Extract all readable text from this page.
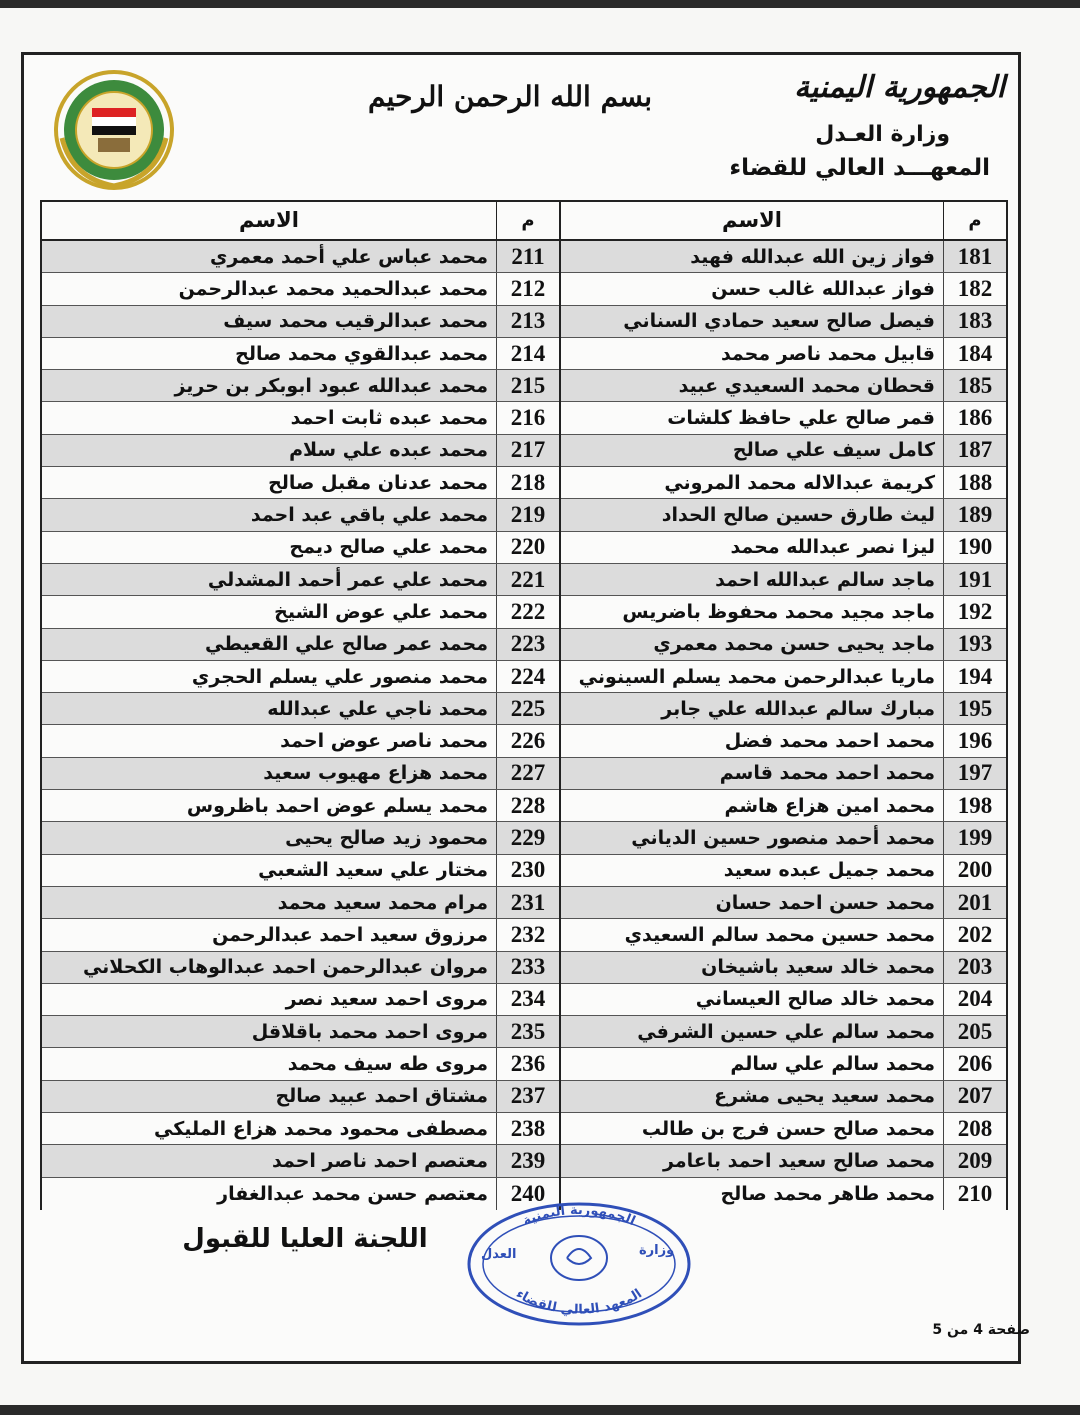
بسم الله الرحمن الرحيم	الجمهورية اليمنية
وزارة العـدل
المعهـــد العالي للقضاء
م
الاسم
181
فواز زين الله عبدالله فهيد
182
فواز عبدالله غالب حسن
183
فيصل صالح سعيد حمادي السناني
184
قابيل محمد ناصر محمد
185
قحطان محمد السعيدي عبيد
186
قمر صالح علي حافظ كلشات
187
كامل سيف علي صالح
188
كريمة عبدالاله محمد المروني
189
ليث طارق حسين صالح الحداد
190
ليزا نصر عبدالله محمد
191
ماجد سالم عبدالله احمد
192
ماجد مجيد محمد محفوظ باضريس
193
ماجد يحيى حسن محمد معمري
194
ماريا عبدالرحمن محمد يسلم السينوني
195
مبارك سالم عبدالله علي جابر
196
محمد احمد محمد فضل
197
محمد احمد محمد قاسم
198
محمد امين هزاع هاشم
199
محمد أحمد منصور حسين الدياني
200
محمد جميل عبده سعيد
201
محمد حسن احمد حسان
202
محمد حسين محمد سالم السعيدي
203
محمد خالد سعيد باشيخان
204
محمد خالد صالح العيساني
205
محمد سالم علي حسين الشرفي
206
محمد سالم علي سالم
207
محمد سعيد يحيى مشرع
208
محمد صالح حسن فرج بن طالب
209
محمد صالح سعيد احمد باعامر
210
محمد طاهر محمد صالح
م
الاسم
211
محمد عباس علي أحمد معمري
212
محمد عبدالحميد محمد عبدالرحمن
213
محمد عبدالرقيب محمد سيف
214
محمد عبدالقوي محمد صالح
215
محمد عبدالله عبود ابوبكر بن حريز
216
محمد عبده ثابت احمد
217
محمد عبده علي سلام
218
محمد عدنان مقبل صالح
219
محمد علي باقي عبد احمد
220
محمد علي صالح ديمح
221
محمد علي عمر أحمد المشدلي
222
محمد علي عوض الشيخ
223
محمد عمر صالح علي القعيطي
224
محمد منصور علي يسلم الحجري
225
محمد ناجي علي عبدالله
226
محمد ناصر عوض احمد
227
محمد هزاع مهيوب سعيد
228
محمد يسلم عوض احمد باظروس
229
محمود زيد صالح يحيى
230
مختار علي سعيد الشعبي
231
مرام محمد سعيد محمد
232
مرزوق سعيد احمد عبدالرحمن
233
مروان عبدالرحمن احمد عبدالوهاب الكحلاني
234
مروى احمد سعيد نصر
235
مروى احمد محمد باقلاقل
236
مروى طه سيف محمد
237
مشتاق احمد عبيد صالح
238
مصطفى محمود محمد هزاع المليكي
239
معتصم احمد ناصر احمد
240
معتصم حسن محمد عبدالغفار
اللجنة العليا للقبول
الجمهورية اليمنية
المعهد العالي للقضاء
وزارة
العدل
صفحة 4 من 5
